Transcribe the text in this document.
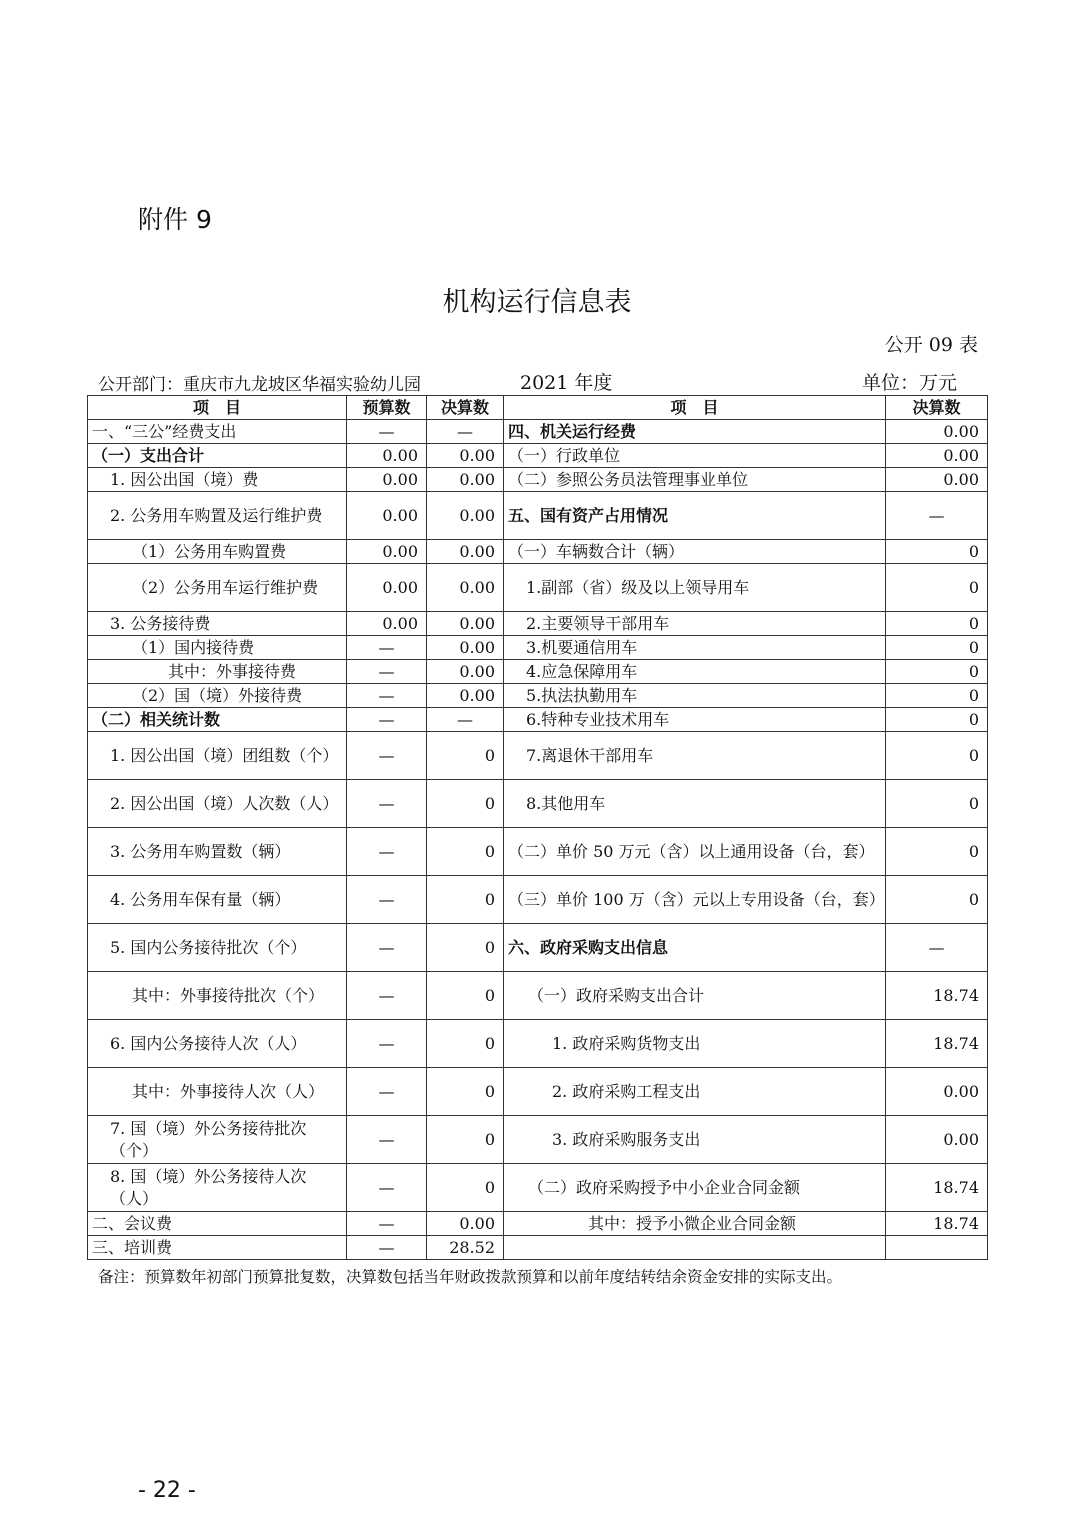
附件 9
机构运行信息表
公开 09 表
公开部门：重庆市九龙坡区华福实验幼儿园	2021 年度	单位：万元
项　目	预算数	决算数	项　目	决算数
一、“三公”经费支出	—	—	四、机关运行经费	0.00
（一）支出合计	0.00	0.00	（一）行政单位	0.00
1. 因公出国（境）费	0.00	0.00	（二）参照公务员法管理事业单位	0.00
2. 公务用车购置及运行维护费	0.00	0.00	五、国有资产占用情况	—
（1）公务用车购置费	0.00	0.00	（一）车辆数合计（辆）	0
（2）公务用车运行维护费	0.00	0.00	1.副部（省）级及以上领导用车	0
3. 公务接待费	0.00	0.00	2.主要领导干部用车	0
（1）国内接待费	—	0.00	3.机要通信用车	0
其中：外事接待费	—	0.00	4.应急保障用车	0
（2）国（境）外接待费	—	0.00	5.执法执勤用车	0
（二）相关统计数	—	—	6.特种专业技术用车	0
1. 因公出国（境）团组数（个）	—	0	7.离退休干部用车	0
2. 因公出国（境）人次数（人）	—	0	8.其他用车	0
3. 公务用车购置数（辆）	—	0	（二）单价 50 万元（含）以上通用设备（台，套）	0
4. 公务用车保有量（辆）	—	0	（三）单价 100 万（含）元以上专用设备（台，套）	0
5. 国内公务接待批次（个）	—	0	六、政府采购支出信息	—
其中：外事接待批次（个）	—	0	（一）政府采购支出合计	18.74
6. 国内公务接待人次（人）	—	0	1. 政府采购货物支出	18.74
其中：外事接待人次（人）	—	0	2. 政府采购工程支出	0.00
7. 国（境）外公务接待批次（个）	—	0	3. 政府采购服务支出	0.00
8. 国（境）外公务接待人次（人）	—	0	（二）政府采购授予中小企业合同金额	18.74
二、会议费	—	0.00	其中：授予小微企业合同金额	18.74
三、培训费	—	28.52		
备注：预算数年初部门预算批复数，决算数包括当年财政拨款预算和以前年度结转结余资金安排的实际支出。
- 22 -
